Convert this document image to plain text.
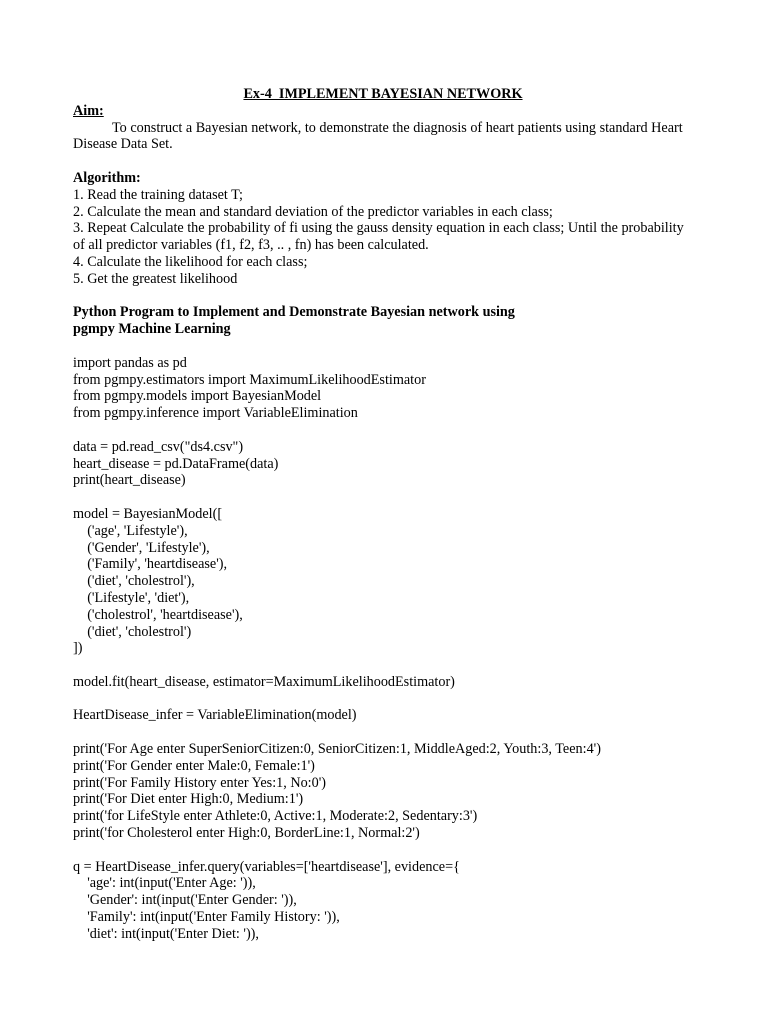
Ex-4  IMPLEMENT BAYESIAN NETWORK
Aim:
To construct a Bayesian network, to demonstrate the diagnosis of heart patients using standard Heart Disease Data Set.
Algorithm:
1. Read the training dataset T;
2. Calculate the mean and standard deviation of the predictor variables in each class;
3. Repeat Calculate the probability of fi using the gauss density equation in each class; Until the probability of all predictor variables (f1, f2, f3, .. , fn) has been calculated.
4. Calculate the likelihood for each class;
5. Get the greatest likelihood
Python Program to Implement and Demonstrate Bayesian network using
pgmpy Machine Learning
import pandas as pd
from pgmpy.estimators import MaximumLikelihoodEstimator
from pgmpy.models import BayesianModel
from pgmpy.inference import VariableElimination
data = pd.read_csv("ds4.csv")
heart_disease = pd.DataFrame(data)
print(heart_disease)
model = BayesianModel([
('age', 'Lifestyle'),
('Gender', 'Lifestyle'),
('Family', 'heartdisease'),
('diet', 'cholestrol'),
('Lifestyle', 'diet'),
('cholestrol', 'heartdisease'),
('diet', 'cholestrol')
])
model.fit(heart_disease, estimator=MaximumLikelihoodEstimator)
HeartDisease_infer = VariableElimination(model)
print('For Age enter SuperSeniorCitizen:0, SeniorCitizen:1, MiddleAged:2, Youth:3, Teen:4')
print('For Gender enter Male:0, Female:1')
print('For Family History enter Yes:1, No:0')
print('For Diet enter High:0, Medium:1')
print('for LifeStyle enter Athlete:0, Active:1, Moderate:2, Sedentary:3')
print('for Cholesterol enter High:0, BorderLine:1, Normal:2')
q = HeartDisease_infer.query(variables=['heartdisease'], evidence={
'age': int(input('Enter Age: ')),
'Gender': int(input('Enter Gender: ')),
'Family': int(input('Enter Family History: ')),
'diet': int(input('Enter Diet: ')),
